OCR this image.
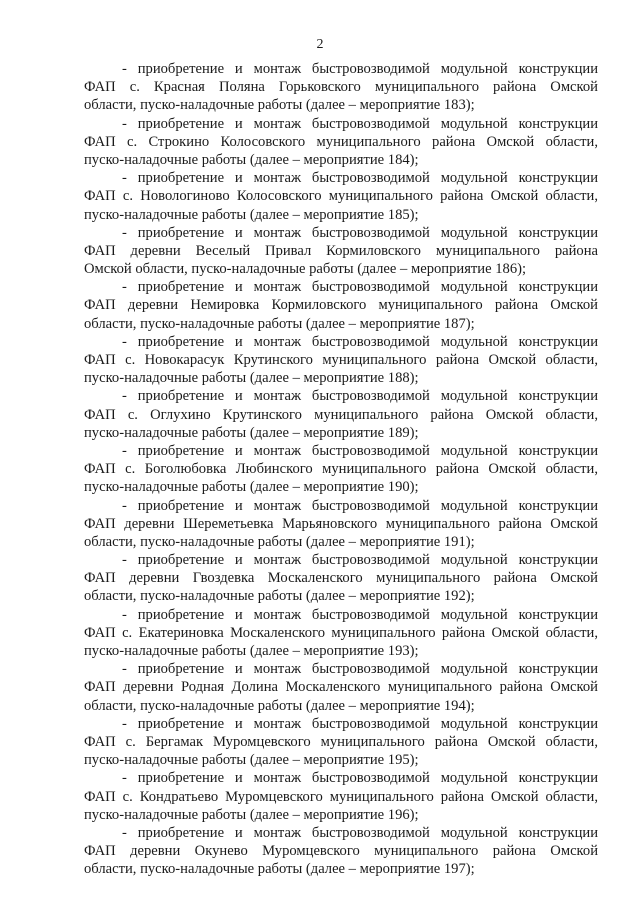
2
- приобретение и монтаж быстровозводимой модульной конструкции
ФАП с. Красная Поляна Горьковского муниципального района Омской
области, пуско-наладочные работы (далее – мероприятие 183);
- приобретение и монтаж быстровозводимой модульной конструкции
ФАП с. Строкино Колосовского муниципального района Омской области,
пуско-наладочные работы (далее – мероприятие 184);
- приобретение и монтаж быстровозводимой модульной конструкции
ФАП с. Новологиново Колосовского муниципального района Омской области,
пуско-наладочные работы (далее – мероприятие 185);
- приобретение и монтаж быстровозводимой модульной конструкции
ФАП деревни Веселый Привал Кормиловского муниципального района
Омской области, пуско-наладочные работы (далее – мероприятие 186);
- приобретение и монтаж быстровозводимой модульной конструкции
ФАП деревни Немировка Кормиловского муниципального района Омской
области, пуско-наладочные работы (далее – мероприятие 187);
- приобретение и монтаж быстровозводимой модульной конструкции
ФАП с. Новокарасук Крутинского муниципального района Омской области,
пуско-наладочные работы (далее – мероприятие 188);
- приобретение и монтаж быстровозводимой модульной конструкции
ФАП с. Оглухино Крутинского муниципального района Омской области,
пуско-наладочные работы (далее – мероприятие 189);
- приобретение и монтаж быстровозводимой модульной конструкции
ФАП с. Боголюбовка Любинского муниципального района Омской области,
пуско-наладочные работы (далее – мероприятие 190);
- приобретение и монтаж быстровозводимой модульной конструкции
ФАП деревни Шереметьевка Марьяновского муниципального района Омской
области, пуско-наладочные работы (далее – мероприятие 191);
- приобретение и монтаж быстровозводимой модульной конструкции
ФАП деревни Гвоздевка Москаленского муниципального района Омской
области, пуско-наладочные работы (далее – мероприятие 192);
- приобретение и монтаж быстровозводимой модульной конструкции
ФАП с. Екатериновка Москаленского муниципального района Омской области,
пуско-наладочные работы (далее – мероприятие 193);
- приобретение и монтаж быстровозводимой модульной конструкции
ФАП деревни Родная Долина Москаленского муниципального района Омской
области, пуско-наладочные работы (далее – мероприятие 194);
- приобретение и монтаж быстровозводимой модульной конструкции
ФАП с. Бергамак Муромцевского муниципального района Омской области,
пуско-наладочные работы (далее – мероприятие 195);
- приобретение и монтаж быстровозводимой модульной конструкции
ФАП с. Кондратьево Муромцевского муниципального района Омской области,
пуско-наладочные работы (далее – мероприятие 196);
- приобретение и монтаж быстровозводимой модульной конструкции
ФАП деревни Окунево Муромцевского муниципального района Омской
области, пуско-наладочные работы (далее – мероприятие 197);
